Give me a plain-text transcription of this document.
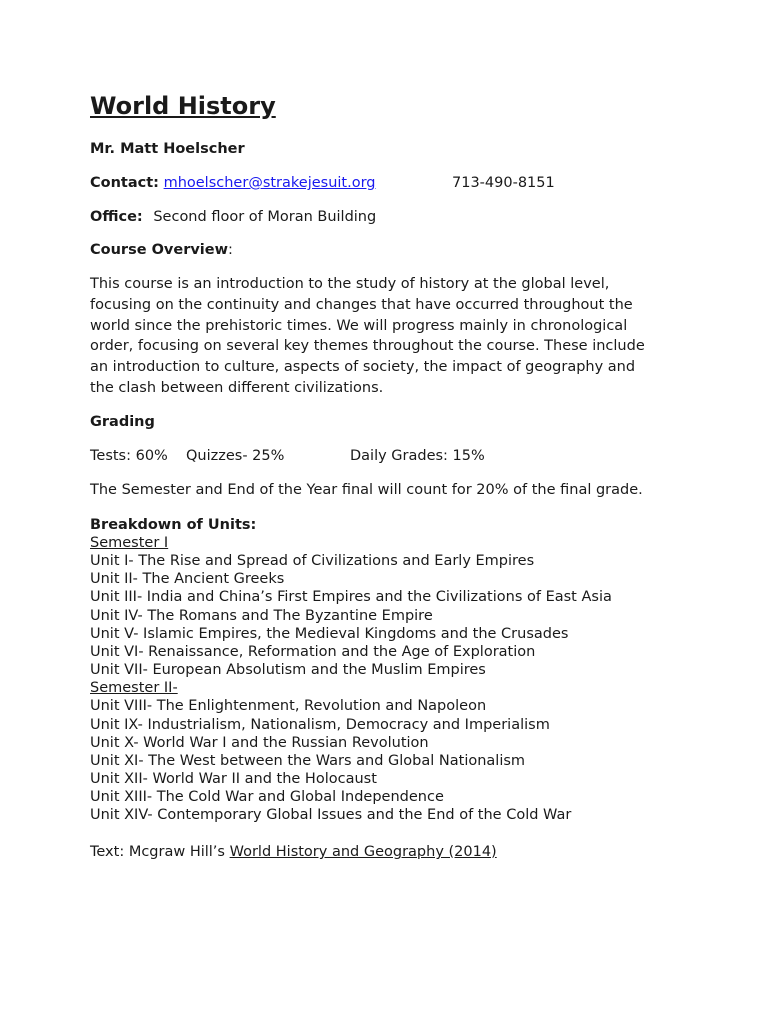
World History
Mr. Matt Hoelscher
Contact: mhoelscher@strakejesuit.org	713-490-8151
Office: Second floor of Moran Building
Course Overview:
This course is an introduction to the study of history at the global level,
focusing on the continuity and changes that have occurred throughout the
world since the prehistoric times. We will progress mainly in chronological
order, focusing on several key themes throughout the course. These include
an introduction to culture, aspects of society, the impact of geography and
the clash between different civilizations.
Grading
Tests: 60% Quizzes- 25%	Daily Grades: 15%
The Semester and End of the Year final will count for 20% of the final grade.
Breakdown of Units:
Semester I
Unit I- The Rise and Spread of Civilizations and Early Empires
Unit II- The Ancient Greeks
Unit III- India and China’s First Empires and the Civilizations of East Asia
Unit IV- The Romans and The Byzantine Empire
Unit V- Islamic Empires, the Medieval Kingdoms and the Crusades
Unit VI- Renaissance, Reformation and the Age of Exploration
Unit VII- European Absolutism and the Muslim Empires
Semester II-
Unit VIII- The Enlightenment, Revolution and Napoleon
Unit IX- Industrialism, Nationalism, Democracy and Imperialism
Unit X- World War I and the Russian Revolution
Unit XI- The West between the Wars and Global Nationalism
Unit XII- World War II and the Holocaust
Unit XIII- The Cold War and Global Independence
Unit XIV- Contemporary Global Issues and the End of the Cold War
Text: Mcgraw Hill’s World History and Geography (2014)
